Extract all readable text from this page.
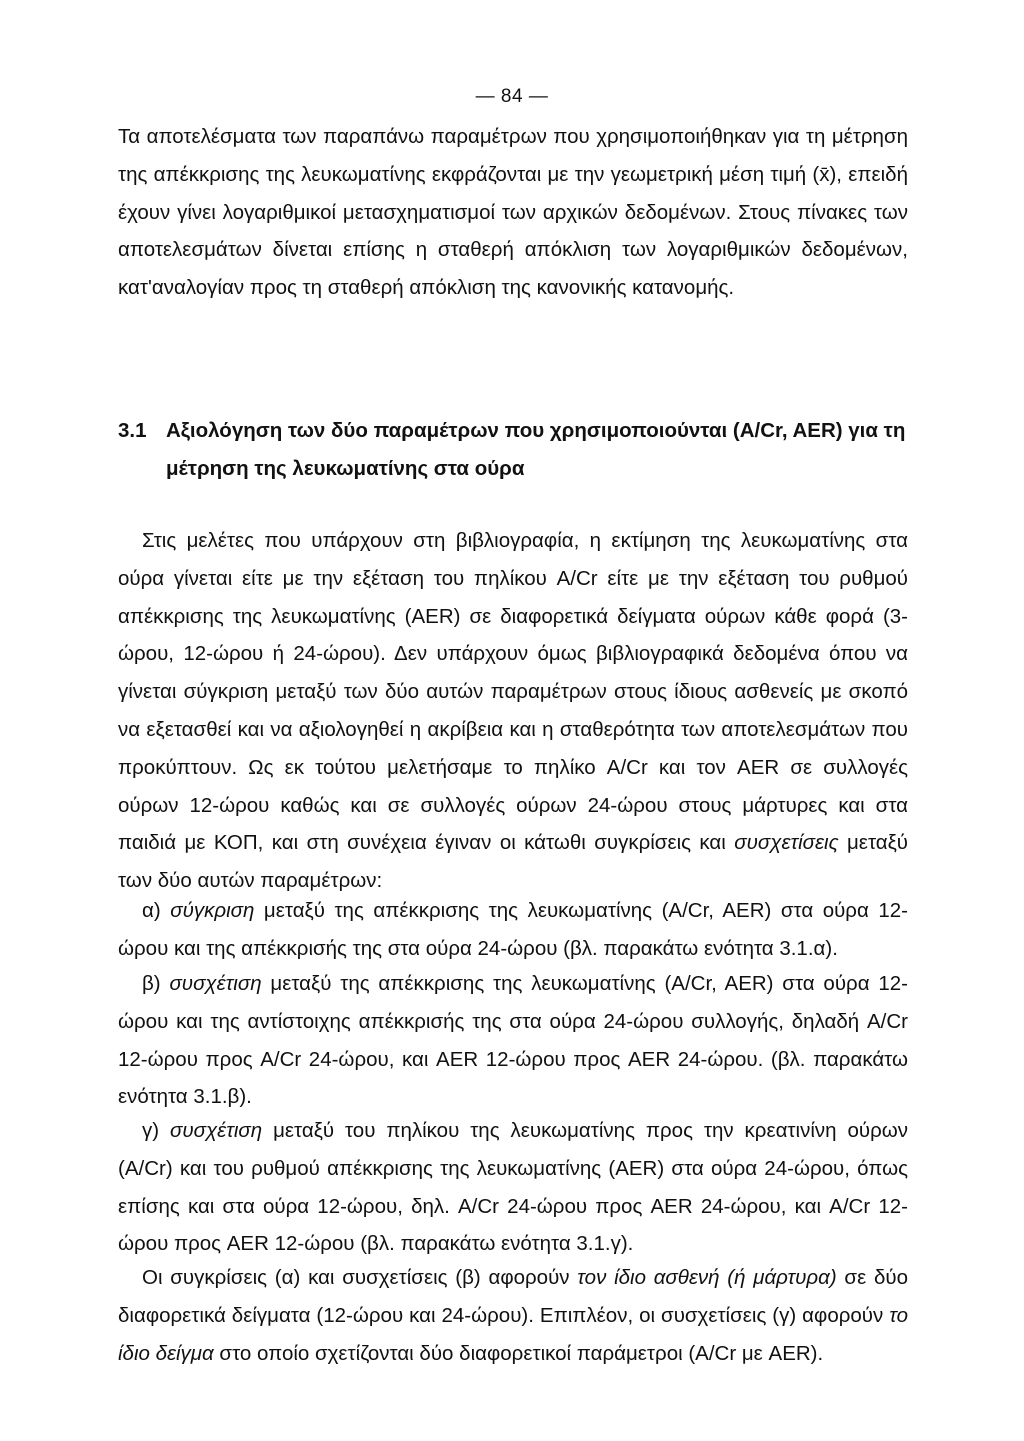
— 84 —

Τα αποτελέσματα των παραπάνω παραμέτρων που χρησιμοποιήθηκαν για τη μέτρηση της απέκκρισης της λευκωματίνης εκφράζονται με την γεωμετρική μέση τιμή (x̄), επειδή έχουν γίνει λογαριθμικοί μετασχηματισμοί των αρχικών δεδομένων. Στους πίνακες των αποτελεσμάτων δίνεται επίσης η σταθερή απόκλιση των λογαριθμικών δεδομένων, κατ'αναλογίαν προς τη σταθερή απόκλιση της κανονικής κατανομής.

3.1 Αξιολόγηση των δύο παραμέτρων που χρησιμοποιούνται (A/Cr, AER) για τη
μέτρηση της λευκωματίνης στα ούρα

Στις μελέτες που υπάρχουν στη βιβλιογραφία, η εκτίμηση της λευκωματίνης στα ούρα γίνεται είτε με την εξέταση του πηλίκου A/Cr είτε με την εξέταση του ρυθμού απέκκρισης της λευκωματίνης (AER) σε διαφορετικά δείγματα ούρων κάθε φορά (3-ώρου, 12-ώρου ή 24-ώρου). Δεν υπάρχουν όμως βιβλιογραφικά δεδομένα όπου να γίνεται σύγκριση μεταξύ των δύο αυτών παραμέτρων στους ίδιους ασθενείς με σκοπό να εξετασθεί και να αξιολογηθεί η ακρίβεια και η σταθερότητα των αποτελεσμάτων που προκύπτουν. Ως εκ τούτου μελετήσαμε το πηλίκο A/Cr και τον AER σε συλλογές ούρων 12-ώρου καθώς και σε συλλογές ούρων 24-ώρου στους μάρτυρες και στα παιδιά με ΚΟΠ, και στη συνέχεια έγιναν οι κάτωθι συγκρίσεις και συσχετίσεις μεταξύ των δύο αυτών παραμέτρων:

α) σύγκριση μεταξύ της απέκκρισης της λευκωματίνης (A/Cr, AER) στα ούρα 12-ώρου και της απέκκρισής της στα ούρα 24-ώρου (βλ. παρακάτω ενότητα 3.1.α).

β) συσχέτιση μεταξύ της απέκκρισης της λευκωματίνης (A/Cr, AER) στα ούρα 12-ώρου και της αντίστοιχης απέκκρισής της στα ούρα 24-ώρου συλλογής, δηλαδή A/Cr 12-ώρου προς A/Cr 24-ώρου, και AER 12-ώρου προς AER 24-ώρου. (βλ. παρακάτω ενότητα 3.1.β).

γ) συσχέτιση μεταξύ του πηλίκου της λευκωματίνης προς την κρεατινίνη ούρων (A/Cr) και του ρυθμού απέκκρισης της λευκωματίνης (AER) στα ούρα 24-ώρου, όπως επίσης και στα ούρα 12-ώρου, δηλ. A/Cr 24-ώρου προς AER 24-ώρου, και A/Cr 12-ώρου προς AER 12-ώρου (βλ. παρακάτω ενότητα 3.1.γ).

Οι συγκρίσεις (α) και συσχετίσεις (β) αφορούν τον ίδιο ασθενή (ή μάρτυρα) σε δύο διαφορετικά δείγματα (12-ώρου και 24-ώρου). Επιπλέον, οι συσχετίσεις (γ) αφορούν το ίδιο δείγμα στο οποίο σχετίζονται δύο διαφορετικοί παράμετροι (A/Cr με AER).
